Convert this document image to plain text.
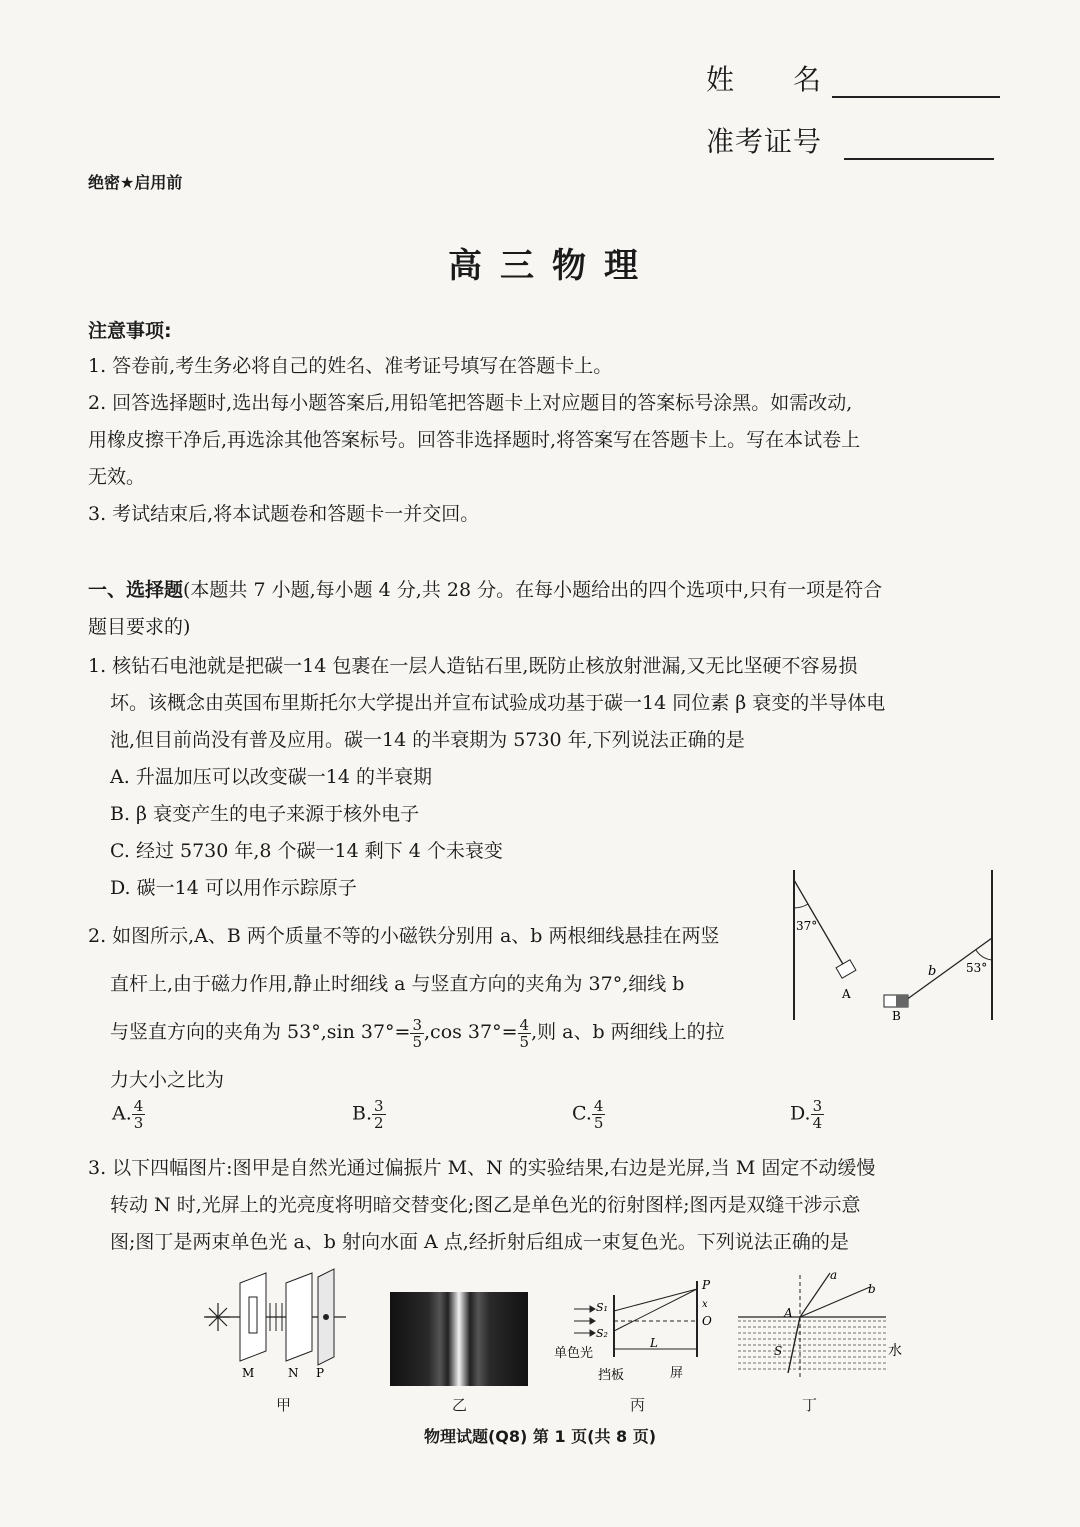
姓　　名
准考证号
绝密★启用前
高三物理
注意事项:
1. 答卷前,考生务必将自己的姓名、准考证号填写在答题卡上。
2. 回答选择题时,选出每小题答案后,用铅笔把答题卡上对应题目的答案标号涂黑。如需改动,
用橡皮擦干净后,再选涂其他答案标号。回答非选择题时,将答案写在答题卡上。写在本试卷上
无效。
3. 考试结束后,将本试题卷和答题卡一并交回。
一、选择题(本题共 7 小题,每小题 4 分,共 28 分。在每小题给出的四个选项中,只有一项是符合
题目要求的)
1. 核钻石电池就是把碳一14 包裹在一层人造钻石里,既防止核放射泄漏,又无比坚硬不容易损
坏。该概念由英国布里斯托尔大学提出并宣布试验成功基于碳一14 同位素 β 衰变的半导体电
池,但目前尚没有普及应用。碳一14 的半衰期为 5730 年,下列说法正确的是
A. 升温加压可以改变碳一14 的半衰期
B. β 衰变产生的电子来源于核外电子
C. 经过 5730 年,8 个碳一14 剩下 4 个未衰变
D. 碳一14 可以用作示踪原子
2. 如图所示,A、B 两个质量不等的小磁铁分别用 a、b 两根细线悬挂在两竖
直杆上,由于磁力作用,静止时细线 a 与竖直方向的夹角为 37°,细线 b
与竖直方向的夹角为 53°,sin $37^\circ= \frac{3}{5} ,\cos$ $37^\circ= \frac{4}{5}$ ,则 a、b 两细线上的拉
力大小之比为
A. $\frac{4}{3}$	B. $\frac{3}{2}$	C. $\frac{4}{5}$	D. $\frac{3}{4}$
37°
A
53°
b
B
3. 以下四幅图片:图甲是自然光通过偏振片 M、N 的实验结果,右边是光屏,当 M 固定不动缓慢
转动 N 时,光屏上的光亮度将明暗交替变化;图乙是单色光的衍射图样;图丙是双缝干涉示意
图;图丁是两束单色光 a、b 射向水面 A 点,经折射后组成一束复色光。下列说法正确的是
M	N P
甲	乙
S₁
S₂
P
x
O
L
单色光
挡板	屏
丙
a
b
A
S	水
丁
物理试题(Q8) 第 1 页(共 8 页)
